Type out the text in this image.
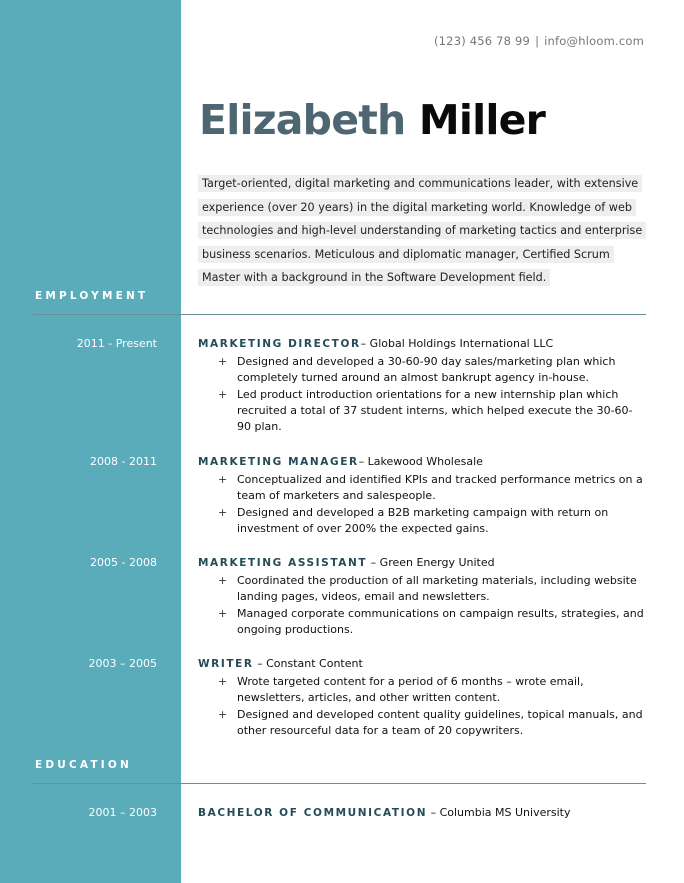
(123) 456 78 99 | info@hloom.com
Elizabeth Miller

Target-oriented, digital marketing and communications leader, with extensive experience (over 20 years) in the digital marketing world. Knowledge of web technologies and high-level understanding of marketing tactics and enterprise business scenarios. Meticulous and diplomatic manager, Certified Scrum Master with a background in the Software Development field.

EMPLOYMENT
2011 - Present	MARKETING DIRECTOR– Global Holdings International LLC
+ Designed and developed a 30-60-90 day sales/marketing plan which completely turned around an almost bankrupt agency in-house.
+ Led product introduction orientations for a new internship plan which recruited a total of 37 student interns, which helped execute the 30-60-90 plan.
2008 - 2011	MARKETING MANAGER– Lakewood Wholesale
+ Conceptualized and identified KPIs and tracked performance metrics on a team of marketers and salespeople.
+ Designed and developed a B2B marketing campaign with return on investment of over 200% the expected gains.
2005 - 2008	MARKETING ASSISTANT – Green Energy United
+ Coordinated the production of all marketing materials, including website landing pages, videos, email and newsletters.
+ Managed corporate communications on campaign results, strategies, and ongoing productions.
2003 – 2005	WRITER – Constant Content
+ Wrote targeted content for a period of 6 months – wrote email, newsletters, articles, and other written content.
+ Designed and developed content quality guidelines, topical manuals, and other resourceful data for a team of 20 copywriters.
EDUCATION
2001 – 2003	BACHELOR OF COMMUNICATION – Columbia MS University
